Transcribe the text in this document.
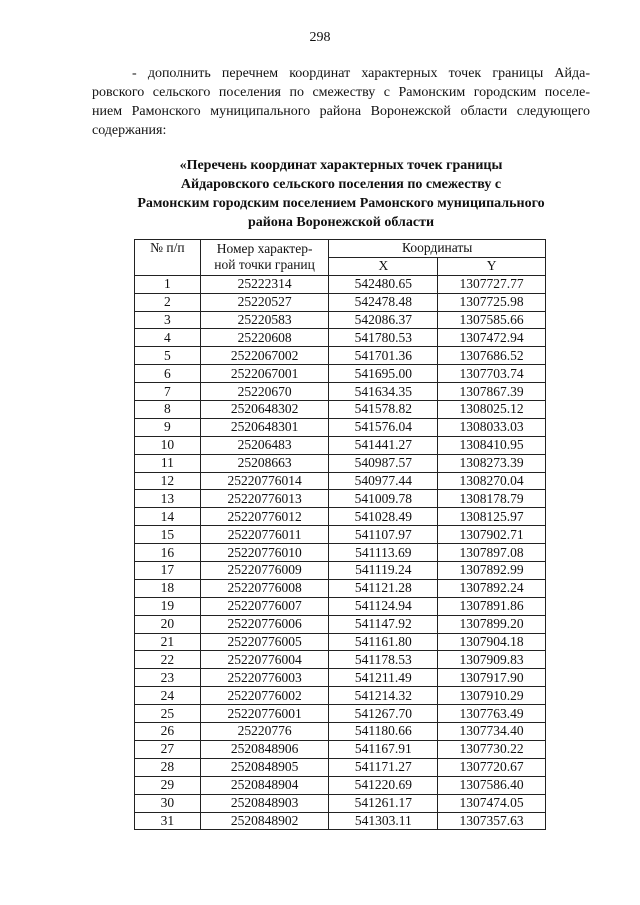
298
- дополнить перечнем координат характерных точек границы Айда-
ровского сельского поселения по смежеству с Рамонским городским поселе-
нием Рамонского муниципального района Воронежской области следующего
содержания:
«Перечень координат характерных точек границы
Айдаровского сельского поселения по смежеству с
Рамонским городским поселением Рамонского муниципального
района Воронежской области
№ п/п	Номер характер-
ной точки границ	Координаты	
		X	Y
1	25222314	542480.65	1307727.77
2	25220527	542478.48	1307725.98
3	25220583	542086.37	1307585.66
4	25220608	541780.53	1307472.94
5	2522067002	541701.36	1307686.52
6	2522067001	541695.00	1307703.74
7	25220670	541634.35	1307867.39
8	2520648302	541578.82	1308025.12
9	2520648301	541576.04	1308033.03
10	25206483	541441.27	1308410.95
11	25208663	540987.57	1308273.39
12	25220776014	540977.44	1308270.04
13	25220776013	541009.78	1308178.79
14	25220776012	541028.49	1308125.97
15	25220776011	541107.97	1307902.71
16	25220776010	541113.69	1307897.08
17	25220776009	541119.24	1307892.99
18	25220776008	541121.28	1307892.24
19	25220776007	541124.94	1307891.86
20	25220776006	541147.92	1307899.20
21	25220776005	541161.80	1307904.18
22	25220776004	541178.53	1307909.83
23	25220776003	541211.49	1307917.90
24	25220776002	541214.32	1307910.29
25	25220776001	541267.70	1307763.49
26	25220776	541180.66	1307734.40
27	2520848906	541167.91	1307730.22
28	2520848905	541171.27	1307720.67
29	2520848904	541220.69	1307586.40
30	2520848903	541261.17	1307474.05
31	2520848902	541303.11	1307357.63
